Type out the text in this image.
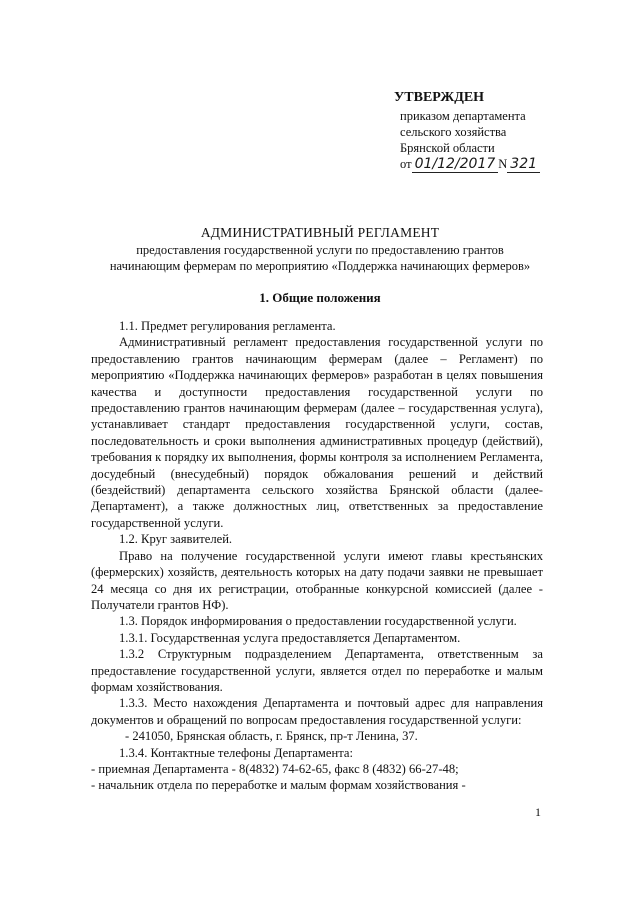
УТВЕРЖДЕН
приказом департамента
сельского хозяйства
Брянской области
от 01/12/2017 N 321
АДМИНИСТРАТИВНЫЙ РЕГЛАМЕНТ
предоставления государственной услуги по предоставлению грантов
начинающим фермерам по мероприятию «Поддержка начинающих фермеров»
1. Общие положения

1.1. Предмет регулирования регламента.

Административный регламент предоставления государственной услуги по предоставлению грантов начинающим фермерам (далее – Регламент) по мероприятию «Поддержка начинающих фермеров» разработан в целях повышения качества и доступности предоставления государственной услуги по предоставлению грантов начинающим фермерам (далее – государственная услуга), устанавливает стандарт предоставления государственной услуги, состав, последовательность и сроки выполнения административных процедур (действий), требования к порядку их выполнения, формы контроля за исполнением Регламента, досудебный (внесудебный) порядок обжалования решений и действий (бездействий) департамента сельского хозяйства Брянской области (далее-Департамент), а также должностных лиц, ответственных за предоставление государственной услуги.

1.2. Круг заявителей.

Право на получение государственной услуги имеют главы крестьянских (фермерских) хозяйств, деятельность которых на дату подачи заявки не превышает 24 месяца со дня их регистрации, отобранные конкурсной комиссией (далее - Получатели грантов НФ).

1.3. Порядок информирования о предоставлении государственной услуги.

1.3.1. Государственная услуга предоставляется Департаментом.

1.3.2 Структурным подразделением Департамента, ответственным за предоставление государственной услуги, является отдел по переработке и малым формам хозяйствования.

1.3.3. Место нахождения Департамента и почтовый адрес для направления документов и обращений по вопросам предоставления государственной услуги:

- 241050, Брянская область, г. Брянск, пр-т Ленина, 37.

1.3.4. Контактные телефоны Департамента:

- приемная Департамента - 8(4832) 74-62-65, факс 8 (4832) 66-27-48;

- начальник отдела по переработке и малым формам хозяйствования -

1
